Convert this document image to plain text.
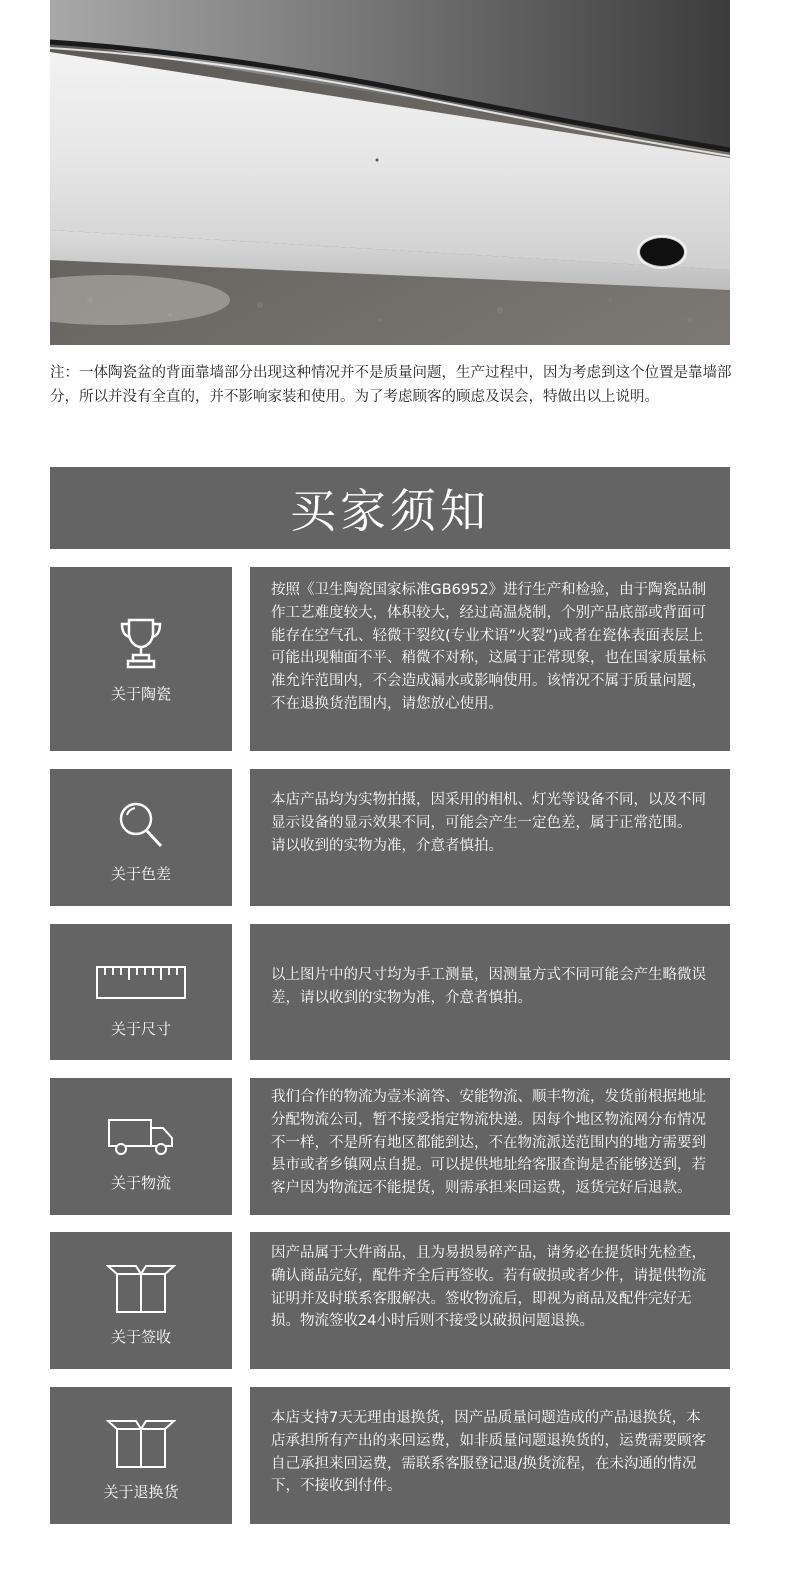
注：一体陶瓷盆的背面靠墙部分出现这种情况并不是质量问题，生产过程中，因为考虑到这个位置是靠墙部分，所以并没有全直的，并不影响家装和使用。为了考虑顾客的顾虑及误会，特做出以上说明。
买家须知
关于陶瓷

按照《卫生陶瓷国家标准GB6952》进行生产和检验，由于陶瓷品制作工艺难度较大，体积较大，经过高温烧制，个别产品底部或背面可能存在空气孔、轻微干裂纹(专业术语”火裂”)或者在瓷体表面表层上可能出现釉面不平、稍微不对称，这属于正常现象，也在国家质量标准允许范围内，不会造成漏水或影响使用。该情况不属于质量问题，不在退换货范围内，请您放心使用。

关于色差

本店产品均为实物拍摄，因采用的相机、灯光等设备不同，以及不同显示设备的显示效果不同，可能会产生一定色差，属于正常范围。

请以收到的实物为准，介意者慎拍。

关于尺寸

以上图片中的尺寸均为手工测量，因测量方式不同可能会产生略微误差，请以收到的实物为准，介意者慎拍。

关于物流

我们合作的物流为壹米滴答、安能物流、顺丰物流，发货前根据地址分配物流公司，暂不接受指定物流快递。因每个地区物流网分布情况不一样，不是所有地区都能到达，不在物流派送范围内的地方需要到县市或者乡镇网点自提。可以提供地址给客服查询是否能够送到，若客户因为物流远不能提货，则需承担来回运费，返货完好后退款。

关于签收

因产品属于大件商品，且为易损易碎产品，请务必在提货时先检查，确认商品完好，配件齐全后再签收。若有破损或者少件，请提供物流证明并及时联系客服解决。签收物流后，即视为商品及配件完好无损。物流签收24小时后则不接受以破损问题退换。

关于退换货

本店支持7天无理由退换货，因产品质量问题造成的产品退换货，本店承担所有产出的来回运费，如非质量问题退换货的，运费需要顾客自己承担来回运费，需联系客服登记退/换货流程，在未沟通的情况下，不接收到付件。
